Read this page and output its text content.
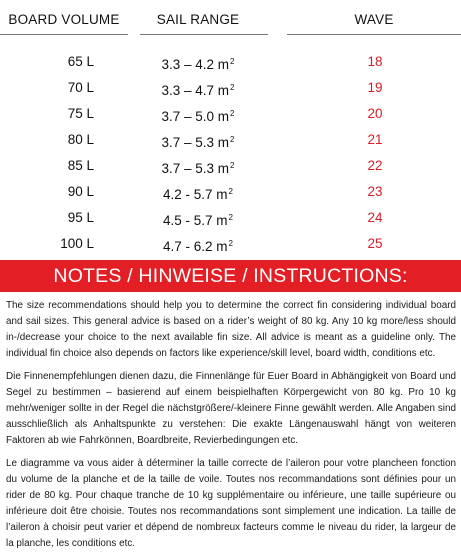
BOARD VOLUME	SAIL RANGE	WAVE
65 L	3.3 – 4.2 $m^2$	18
70 L	3.3 – 4.7 $m^2$	19
75 L	3.7 – 5.0 $m^2$	20
80 L	3.7 – 5.3 $m^2$	21
85 L	3.7 – 5.3 $m^2$	22
90 L	4.2 - 5.7 $m^2$	23
95 L	4.5 - 5.7 $m^2$	24
100 L	4.7 - 6.2 $m^2$	25
NOTES / HINWEISE / INSTRUCTIONS:

The size recommendations should help you to determine the correct fin considering individual board and sail sizes. This general advice is based on a rider’s weight of 80 kg. Any 10 kg more/less should in-/decrease your choice to the next available fin size. All advice is meant as a guideline only. The individual fin choice also depends on factors like experience/skill level, board width, conditions etc.

Die Finnenempfehlungen dienen dazu, die Finnenlänge für Euer Board in Abhängigkeit von Board und Segel zu bestimmen – basierend auf einem beispielhaften Körpergewicht von 80 kg. Pro 10 kg mehr/weniger sollte in der Regel die nächstgrößere/-kleinere Finne gewählt werden. Alle Angaben sind ausschließlich als Anhaltspunkte zu verstehen: Die exakte Längenauswahl hängt von weiteren Faktoren ab wie Fahrkönnen, Boardbreite, Revierbedingungen etc.

Le diagramme va vous aider à déterminer la taille correcte de l’aileron pour votre plancheen fonction du volume de la planche et de la taille de voile. Toutes nos recommandations sont définies pour un rider de 80 kg. Pour chaque tranche de 10 kg supplémentaire ou inférieure, une taille supérieure ou inférieure doit être choisie. Toutes nos recommandations sont simplement une indication. La taille de l’aileron à choisir peut varier et dépend de nombreux facteurs comme le niveau du rider, la largeur de la planche, les conditions etc.
